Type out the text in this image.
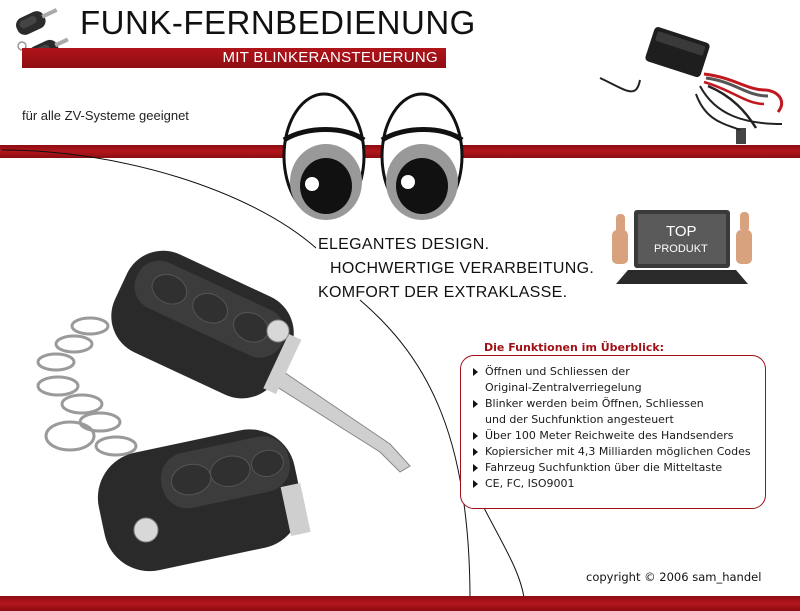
FUNK-FERNBEDIENUNG
MIT BLINKERANSTEUERUNG
für alle ZV-Systeme geeignet
TOP
PRODUKT
ELEGANTES DESIGN.
HOCHWERTIGE VERARBEITUNG.
KOMFORT DER EXTRAKLASSE.
Die Funktionen im Überblick:
Öffnen und Schliessen der
Original-Zentralverriegelung
Blinker werden beim Öffnen, Schliessen
und der Suchfunktion angesteuert
Über 100 Meter Reichweite des Handsenders
Kopiersicher mit 4,3 Milliarden möglichen Codes
Fahrzeug Suchfunktion über die Mitteltaste
CE, FC, ISO9001
copyright © 2006 sam_handel
